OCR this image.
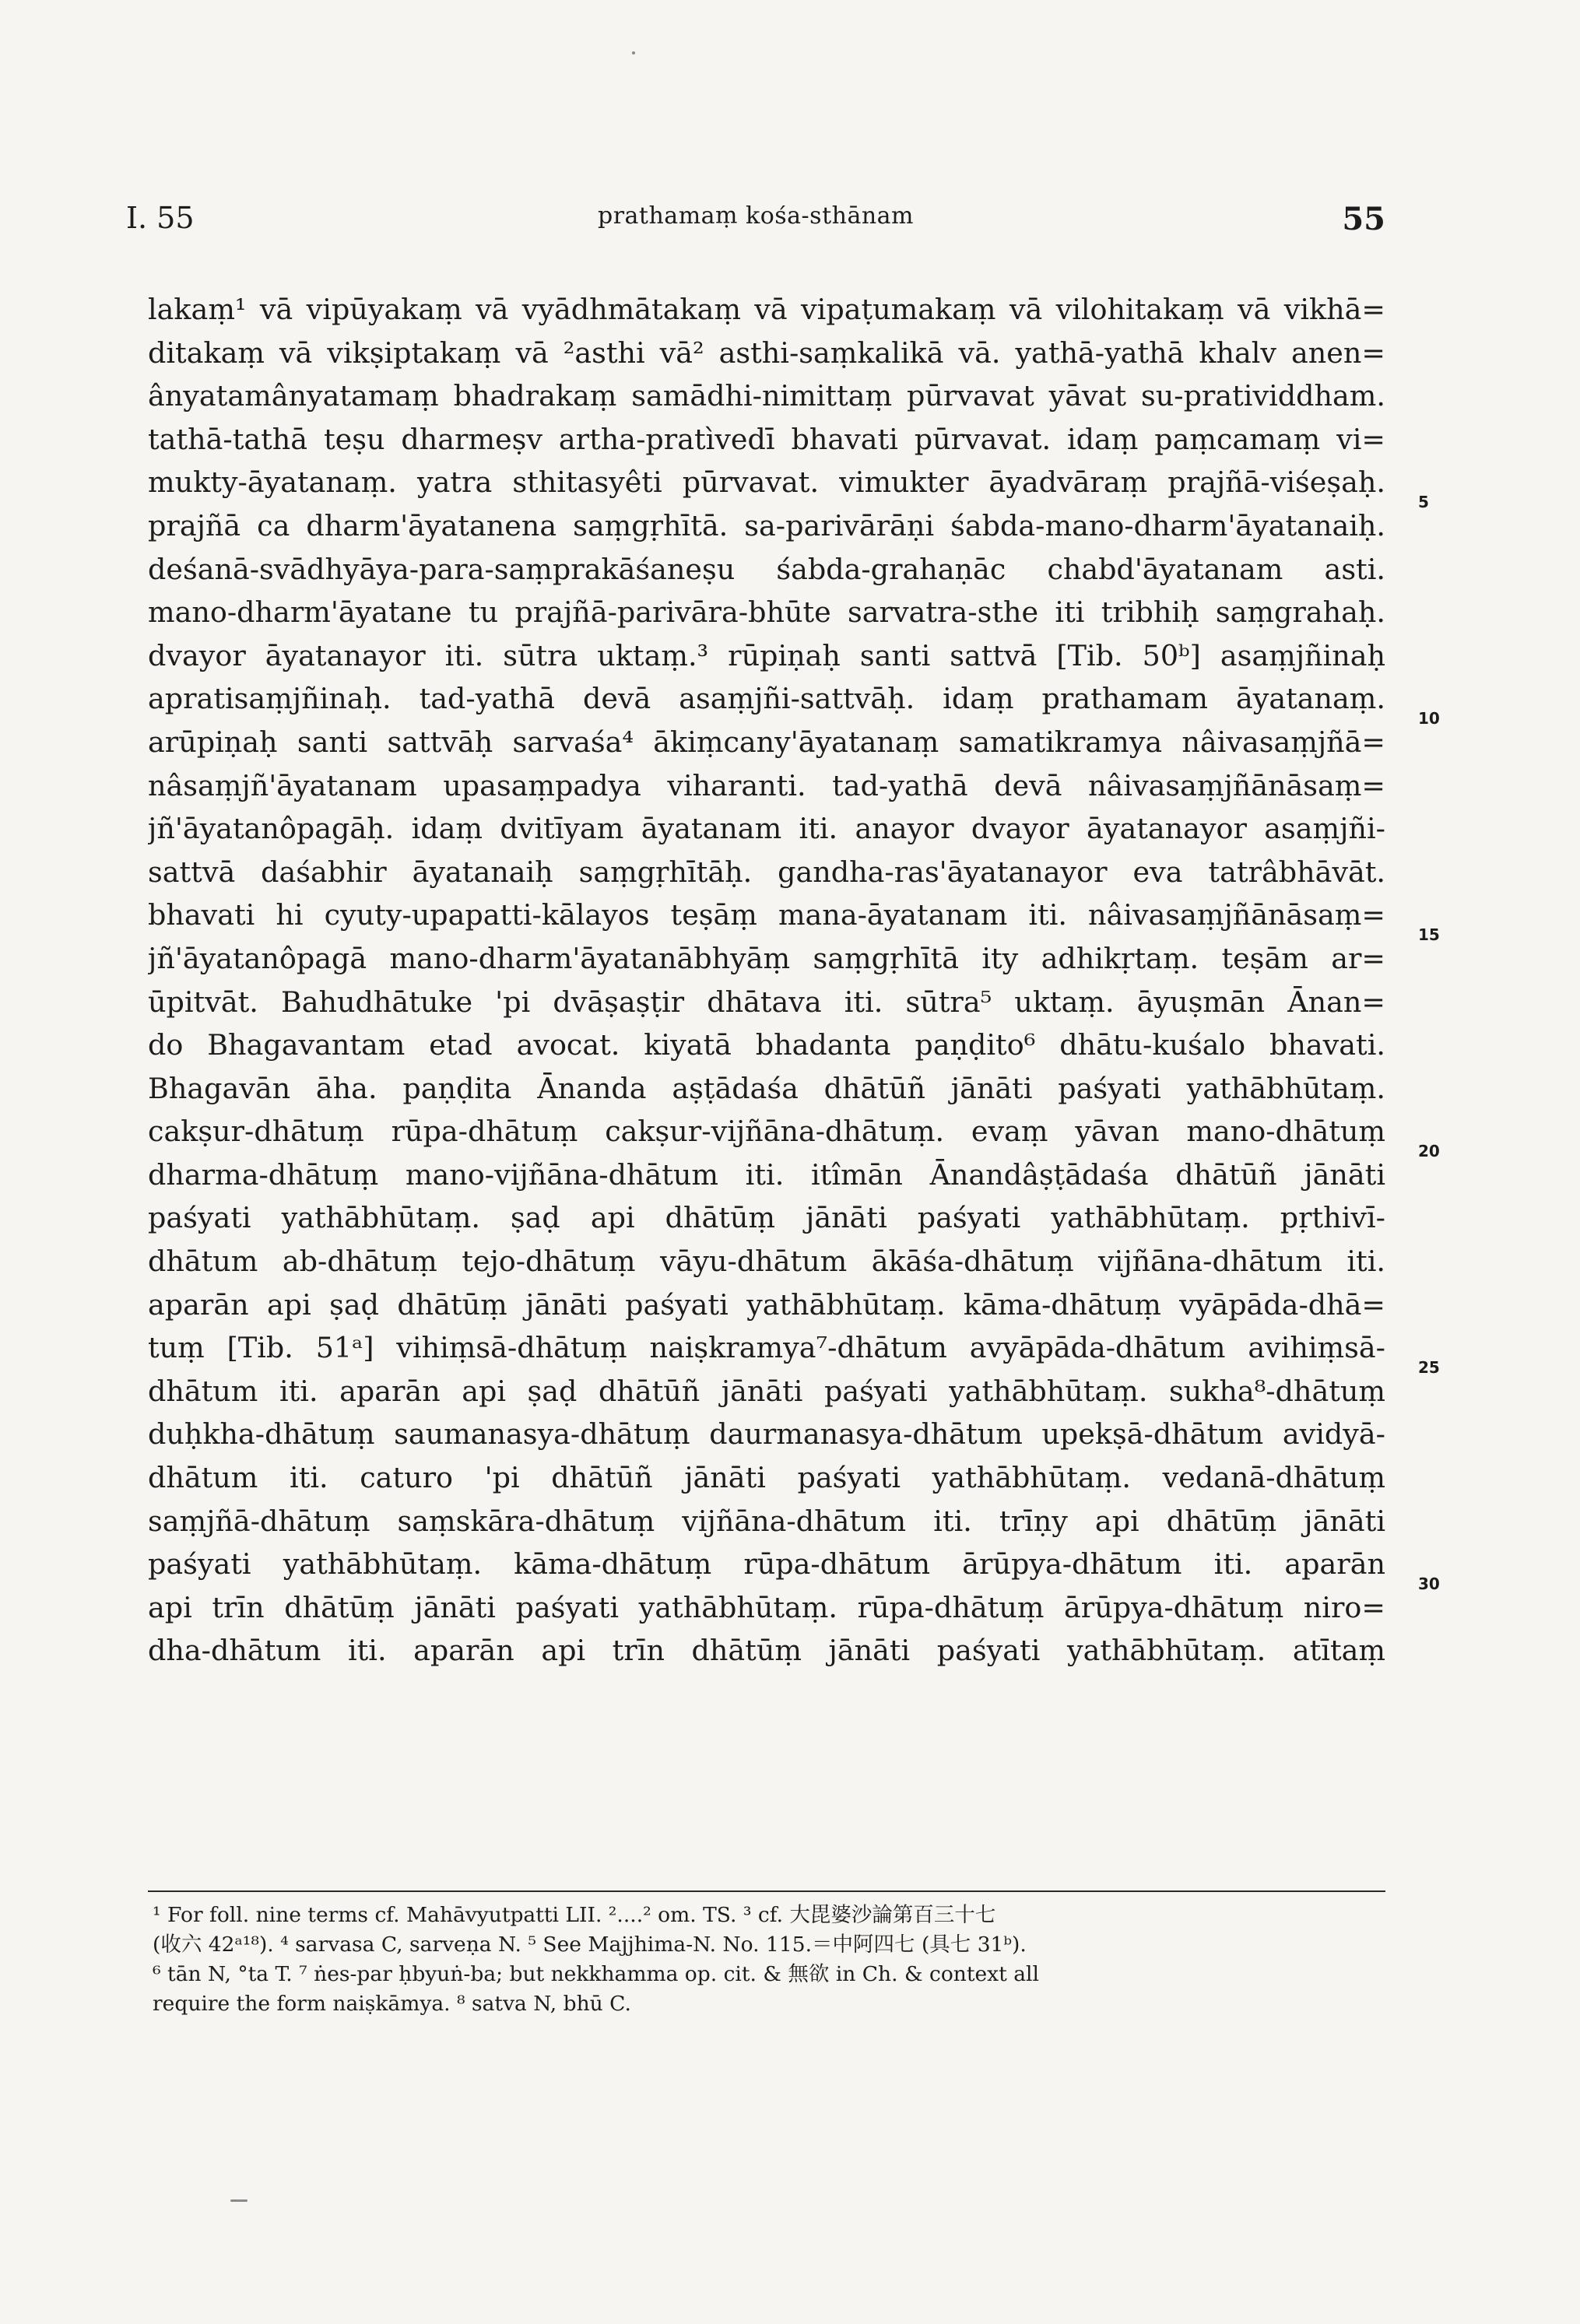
I. 55	prathamaṃ kośa-sthānam	55
lakaṃ¹ vā vipūyakaṃ vā vyādhmātakaṃ vā vipaṭumakaṃ vā vilohitakaṃ vā vikhā=
ditakaṃ vā vikṣiptakaṃ vā ²asthi vā² asthi-saṃkalikā vā. yathā-yathā khalv anen=
ânyatamânyatamaṃ bhadrakaṃ samādhi-nimittaṃ pūrvavat yāvat su-pratividdham.
tathā-tathā teṣu dharmeṣv artha-pratìvedī bhavati pūrvavat. idaṃ paṃcamaṃ vi=
mukty-āyatanaṃ. yatra sthitasyêti pūrvavat. vimukter āyadvāraṃ prajñā-viśeṣaḥ.
prajñā ca dharm'āyatanena saṃgṛhītā. sa-parivārāṇi śabda-mano-dharm'āyatanaiḥ.
deśanā-svādhyāya-para-saṃprakāśaneṣu śabda-grahaṇāc chabd'āyatanam asti.
mano-dharm'āyatane tu prajñā-parivāra-bhūte sarvatra-sthe iti tribhiḥ saṃgrahaḥ.
dvayor āyatanayor iti. sūtra uktaṃ.³ rūpiṇaḥ santi sattvā [Tib. 50ᵇ] asaṃjñinaḥ
apratisaṃjñinaḥ. tad-yathā devā asaṃjñi-sattvāḥ. idaṃ prathamam āyatanaṃ.
arūpiṇaḥ santi sattvāḥ sarvaśa⁴ ākiṃcany'āyatanaṃ samatikramya nâivasaṃjñā=
nâsaṃjñ'āyatanam upasaṃpadya viharanti. tad-yathā devā nâivasaṃjñānāsaṃ=
jñ'āyatanôpagāḥ. idaṃ dvitīyam āyatanam iti. anayor dvayor āyatanayor asaṃjñi-
sattvā daśabhir āyatanaiḥ saṃgṛhītāḥ. gandha-ras'āyatanayor eva tatrâbhāvāt.
bhavati hi cyuty-upapatti-kālayos teṣāṃ mana-āyatanam iti. nâivasaṃjñānāsaṃ=
jñ'āyatanôpagā mano-dharm'āyatanābhyāṃ saṃgṛhītā ity adhikṛtaṃ. teṣām ar=
ūpitvāt. Bahudhātuke 'pi dvāṣaṣṭir dhātava iti. sūtra⁵ uktaṃ. āyuṣmān Ānan=
do Bhagavantam etad avocat. kiyatā bhadanta paṇḍito⁶ dhātu-kuśalo bhavati.
Bhagavān āha. paṇḍita Ānanda aṣṭādaśa dhātūñ jānāti paśyati yathābhūtaṃ.
cakṣur-dhātuṃ rūpa-dhātuṃ cakṣur-vijñāna-dhātuṃ. evaṃ yāvan mano-dhātuṃ
dharma-dhātuṃ mano-vijñāna-dhātum iti. itîmān Ānandâṣṭādaśa dhātūñ jānāti
paśyati yathābhūtaṃ. ṣaḍ api dhātūṃ jānāti paśyati yathābhūtaṃ. pṛthivī-
dhātum ab-dhātuṃ tejo-dhātuṃ vāyu-dhātum ākāśa-dhātuṃ vijñāna-dhātum iti.
aparān api ṣaḍ dhātūṃ jānāti paśyati yathābhūtaṃ. kāma-dhātuṃ vyāpāda-dhā=
tuṃ [Tib. 51ᵃ] vihiṃsā-dhātuṃ naiṣkramya⁷-dhātum avyāpāda-dhātum avihiṃsā-
dhātum iti. aparān api ṣaḍ dhātūñ jānāti paśyati yathābhūtaṃ. sukha⁸-dhātuṃ
duḥkha-dhātuṃ saumanasya-dhātuṃ daurmanasya-dhātum upekṣā-dhātum avidyā-
dhātum iti. caturo 'pi dhātūñ jānāti paśyati yathābhūtaṃ. vedanā-dhātuṃ
saṃjñā-dhātuṃ saṃskāra-dhātuṃ vijñāna-dhātum iti. trīṇy api dhātūṃ jānāti
paśyati yathābhūtaṃ. kāma-dhātuṃ rūpa-dhātum ārūpya-dhātum iti. aparān
api trīn dhātūṃ jānāti paśyati yathābhūtaṃ. rūpa-dhātuṃ ārūpya-dhātuṃ niro=
dha-dhātum iti. aparān api trīn dhātūṃ jānāti paśyati yathābhūtaṃ. atītaṃ
5
10
15
20
25
30
¹ For foll. nine terms cf. Mahāvyutpatti LII. ²....² om. TS. ³ cf. 大毘婆沙論第百三十七
(收六 42ᵃ¹⁸). ⁴ sarvasa C, sarveṇa N. ⁵ See Majjhima-N. No. 115.＝中阿四七 (具七 31ᵇ).
⁶ tān N, °ta T. ⁷ ṅes-par ḥbyuṅ-ba; but nekkhamma op. cit. & 無欲 in Ch. & context all
require the form naiṣkāmya. ⁸ satva N, bhū C.
